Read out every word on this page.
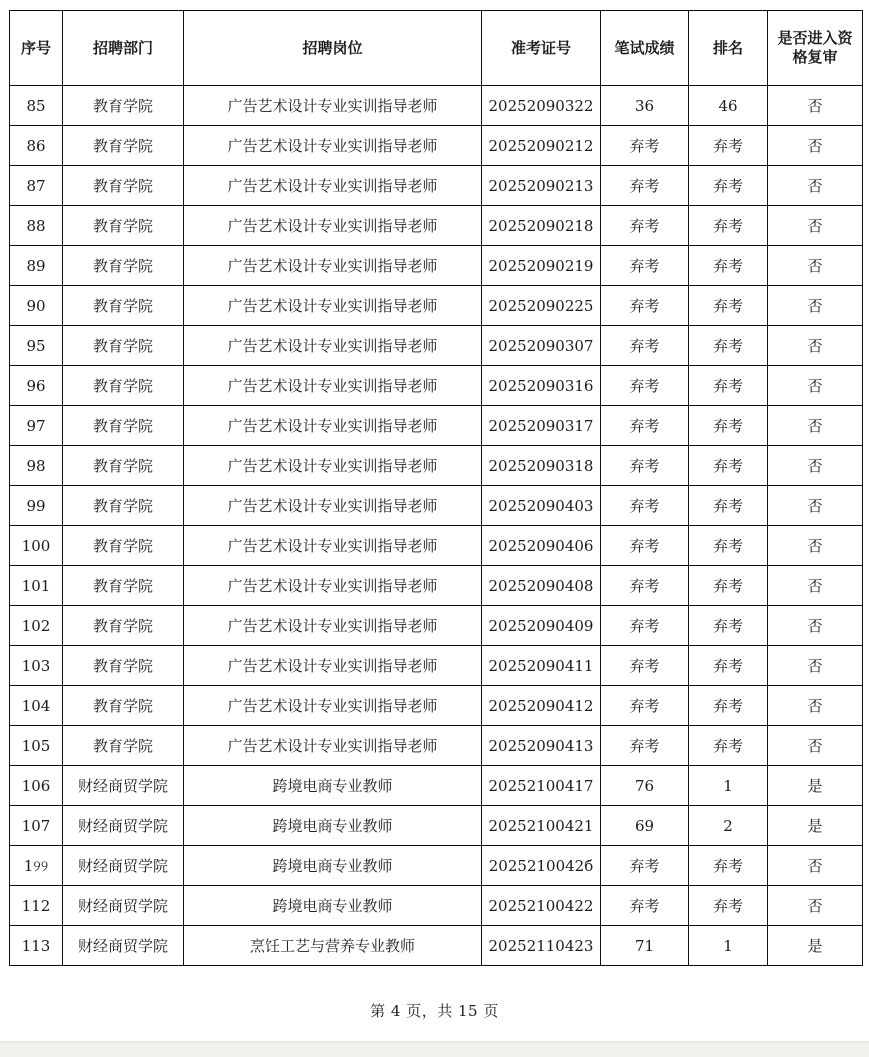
序号	招聘部门	招聘岗位	准考证号	笔试成绩	排名	是否进入资格复审
85	教育学院	广告艺术设计专业实训指导老师	20252090322	36	46	否
86	教育学院	广告艺术设计专业实训指导老师	20252090212	弃考	弃考	否
87	教育学院	广告艺术设计专业实训指导老师	20252090213	弃考	弃考	否
88	教育学院	广告艺术设计专业实训指导老师	20252090218	弃考	弃考	否
89	教育学院	广告艺术设计专业实训指导老师	20252090219	弃考	弃考	否
90	教育学院	广告艺术设计专业实训指导老师	20252090225	弃考	弃考	否
95	教育学院	广告艺术设计专业实训指导老师	20252090307	弃考	弃考	否
96	教育学院	广告艺术设计专业实训指导老师	20252090316	弃考	弃考	否
97	教育学院	广告艺术设计专业实训指导老师	20252090317	弃考	弃考	否
98	教育学院	广告艺术设计专业实训指导老师	20252090318	弃考	弃考	否
99	教育学院	广告艺术设计专业实训指导老师	20252090403	弃考	弃考	否
100	教育学院	广告艺术设计专业实训指导老师	20252090406	弃考	弃考	否
101	教育学院	广告艺术设计专业实训指导老师	20252090408	弃考	弃考	否
102	教育学院	广告艺术设计专业实训指导老师	20252090409	弃考	弃考	否
103	教育学院	广告艺术设计专业实训指导老师	20252090411	弃考	弃考	否
104	教育学院	广告艺术设计专业实训指导老师	20252090412	弃考	弃考	否
105	教育学院	广告艺术设计专业实训指导老师	20252090413	弃考	弃考	否
106	财经商贸学院	跨境电商专业教师	20252100417	76	1	是
107	财经商贸学院	跨境电商专业教师	20252100421	69	2	是
1୨୨	财经商贸学院	跨境电商专业教师	2025210042б	弃考	弃考	否
112	财经商贸学院	跨境电商专业教师	20252100422	弃考	弃考	否
113	财经商贸学院	烹饪工艺与营养专业教师	20252110423	71	1	是
第 4 页，共 15 页
